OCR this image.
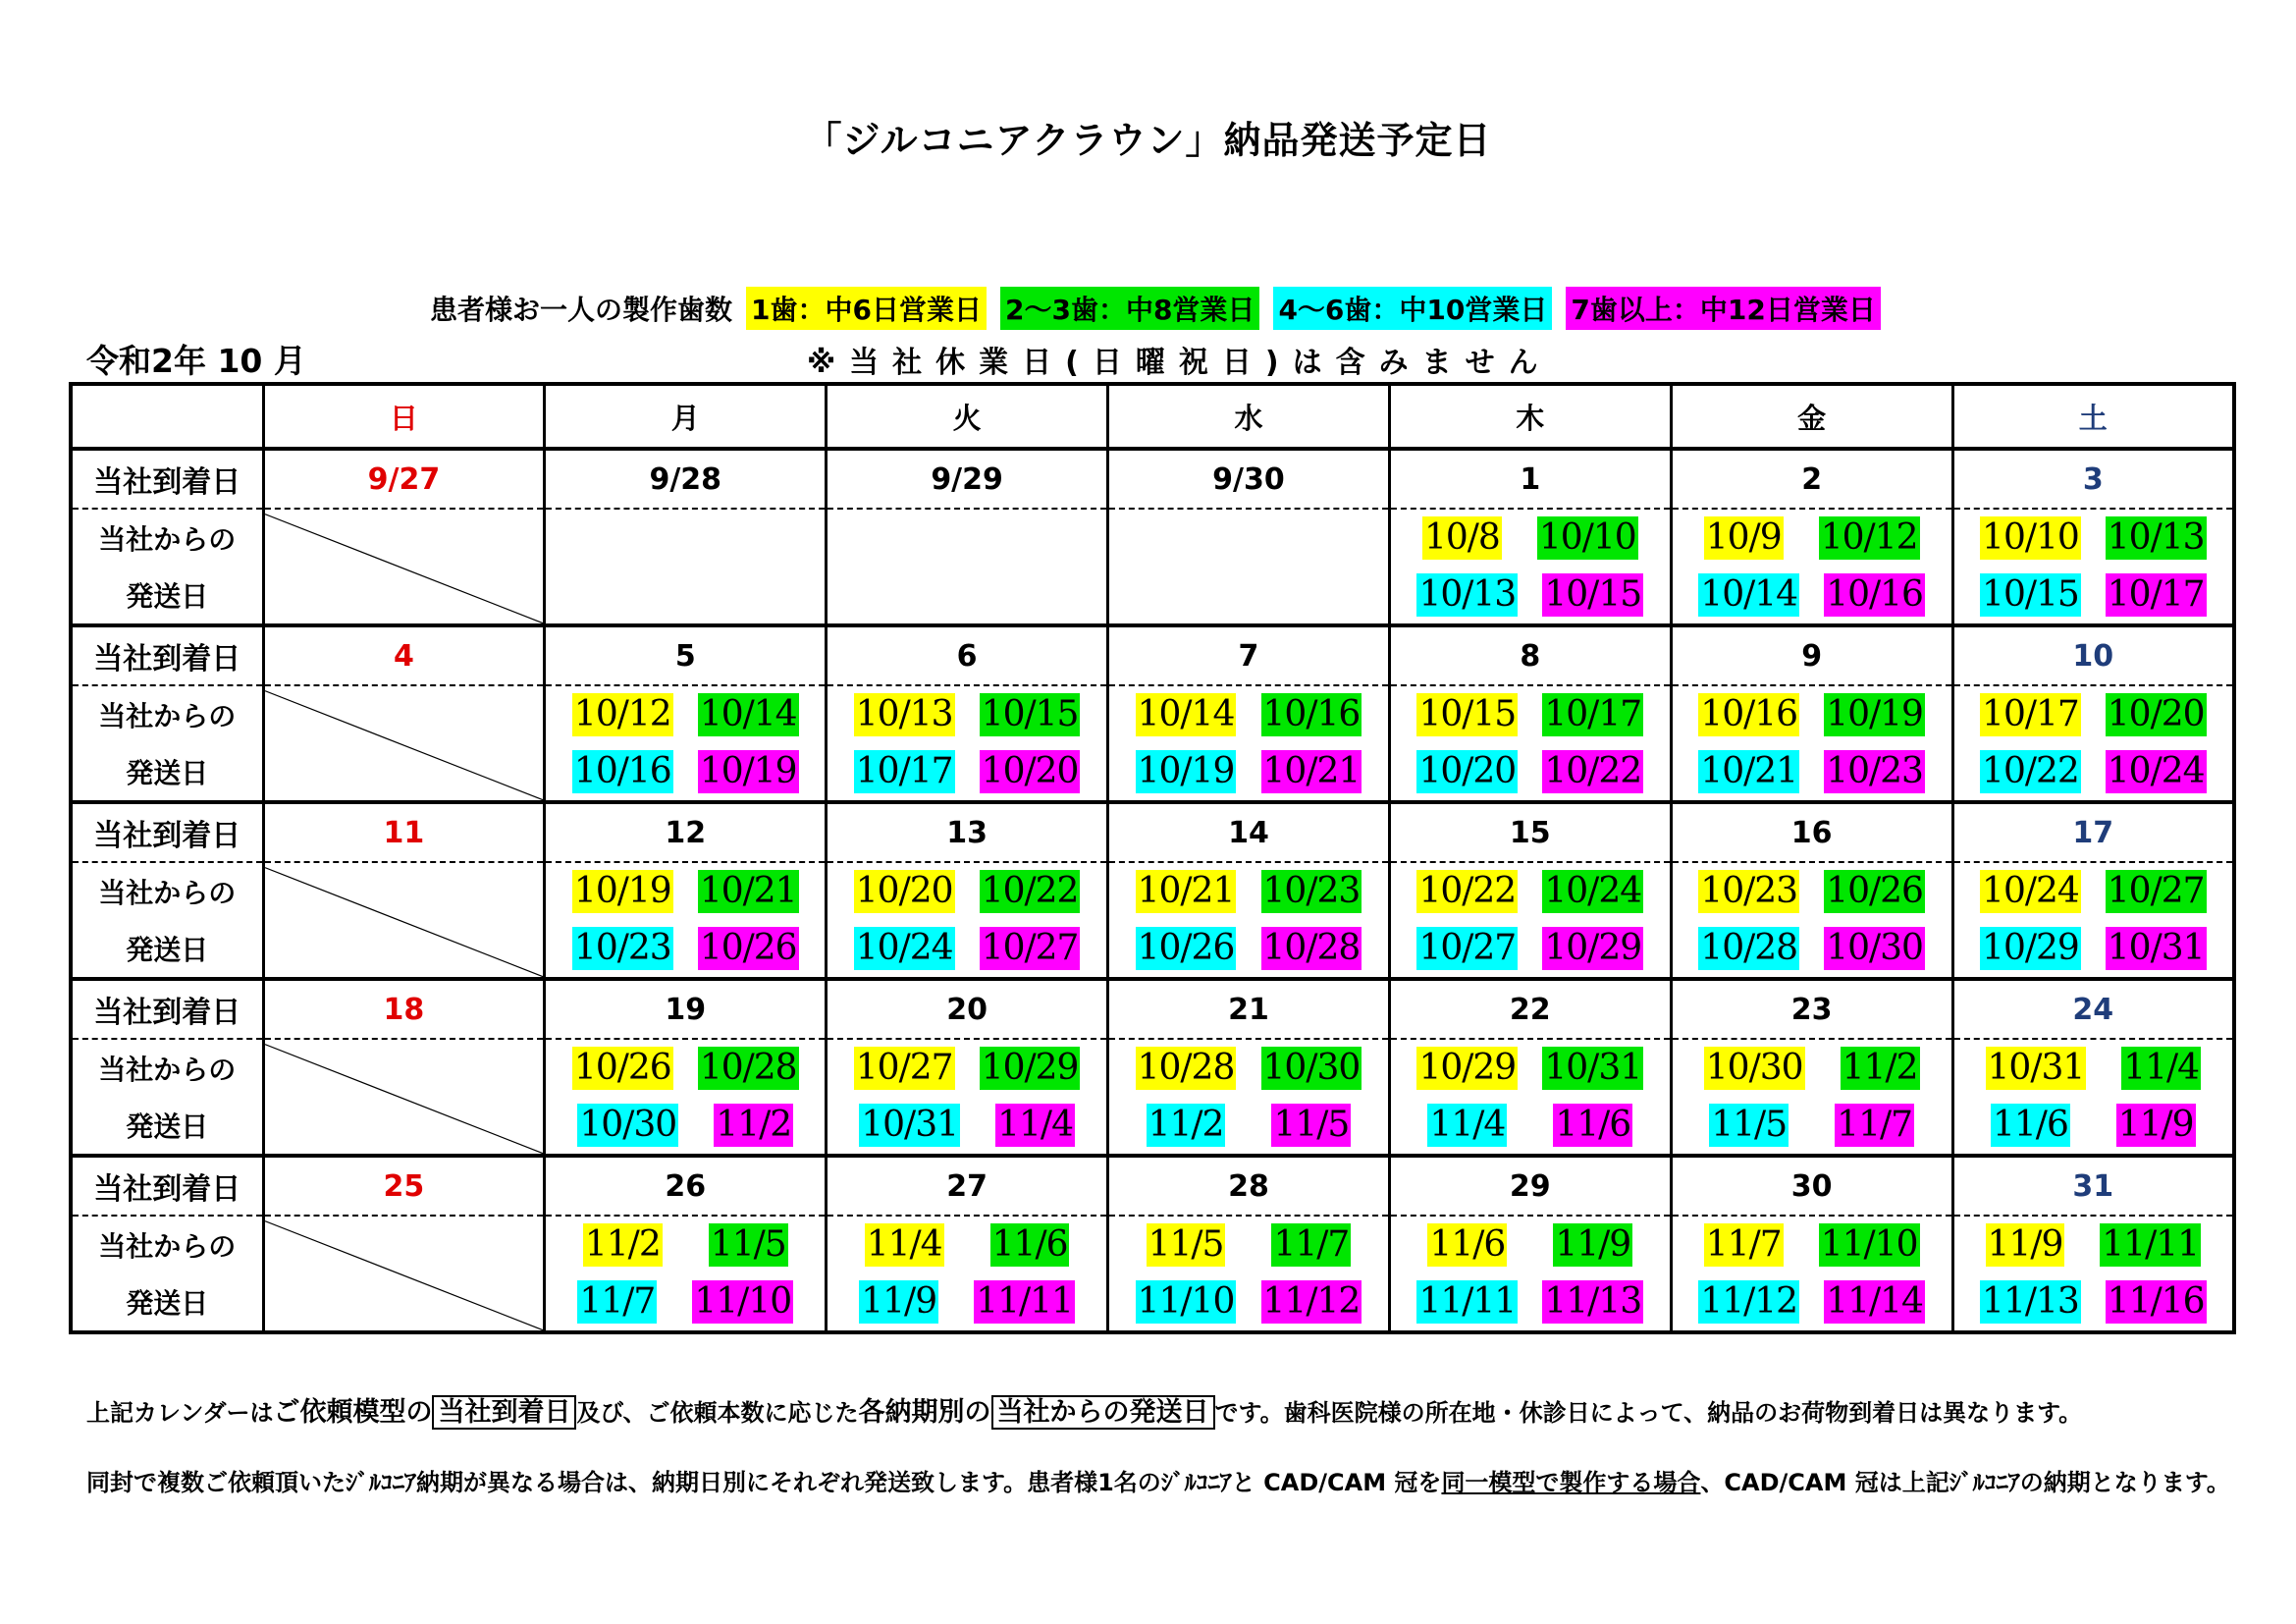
「ジルコニアクラウン」納品発送予定日
患者様お一人の製作歯数 1歯：中6日営業日 2～3歯：中8営業日 4～6歯：中10営業日 7歯以上：中12日営業日
令和2年 10 月	※当社休業日(日曜祝日)は含みません
	日	月	火	水	木	金	土
当社到着日	9/27	9/28	9/29	9/30	1	2	3
当社からの					10/8 10/10	10/9 10/12	10/10 10/13

発送日					10/13 10/15	10/14 10/16	10/15 10/17

当社到着日	4	5	6	7	8	9	10
当社からの		10/12 10/14	10/13 10/15	10/14 10/16	10/15 10/17	10/16 10/19	10/17 10/20

発送日		10/16 10/19	10/17 10/20	10/19 10/21	10/20 10/22	10/21 10/23	10/22 10/24

当社到着日	11	12	13	14	15	16	17
当社からの		10/19 10/21	10/20 10/22	10/21 10/23	10/22 10/24	10/23 10/26	10/24 10/27

発送日		10/23 10/26	10/24 10/27	10/26 10/28	10/27 10/29	10/28 10/30	10/29 10/31

当社到着日	18	19	20	21	22	23	24
当社からの		10/26 10/28	10/27 10/29	10/28 10/30	10/29 10/31	10/30 11/2	10/31 11/4

発送日		10/30 11/2	10/31 11/4	11/2 11/5	11/4 11/6	11/5 11/7	11/6 11/9

当社到着日	25	26	27	28	29	30	31
当社からの		11/2 11/5	11/4 11/6	11/5 11/7	11/6 11/9	11/7 11/10	11/9 11/11

発送日		11/7 11/10	11/9 11/11	11/10 11/12	11/11 11/13	11/12 11/14	11/13 11/16
上記カレンダーはご依頼模型の 当社到着日 及び、ご依頼本数に応じた各納期別の 当社からの発送日 です。歯科医院様の所在地・休診日によって、納品のお荷物到着日は異なります。
同封で複数ご依頼頂いたｼﾞﾙｺﾆｱ納期が異なる場合は、納期日別にそれぞれ発送致します。患者様1名のｼﾞﾙｺﾆｱと CAD/CAM 冠を同一模型で製作する場合、CAD/CAM 冠は上記ｼﾞﾙｺﾆｱの納期となります。
